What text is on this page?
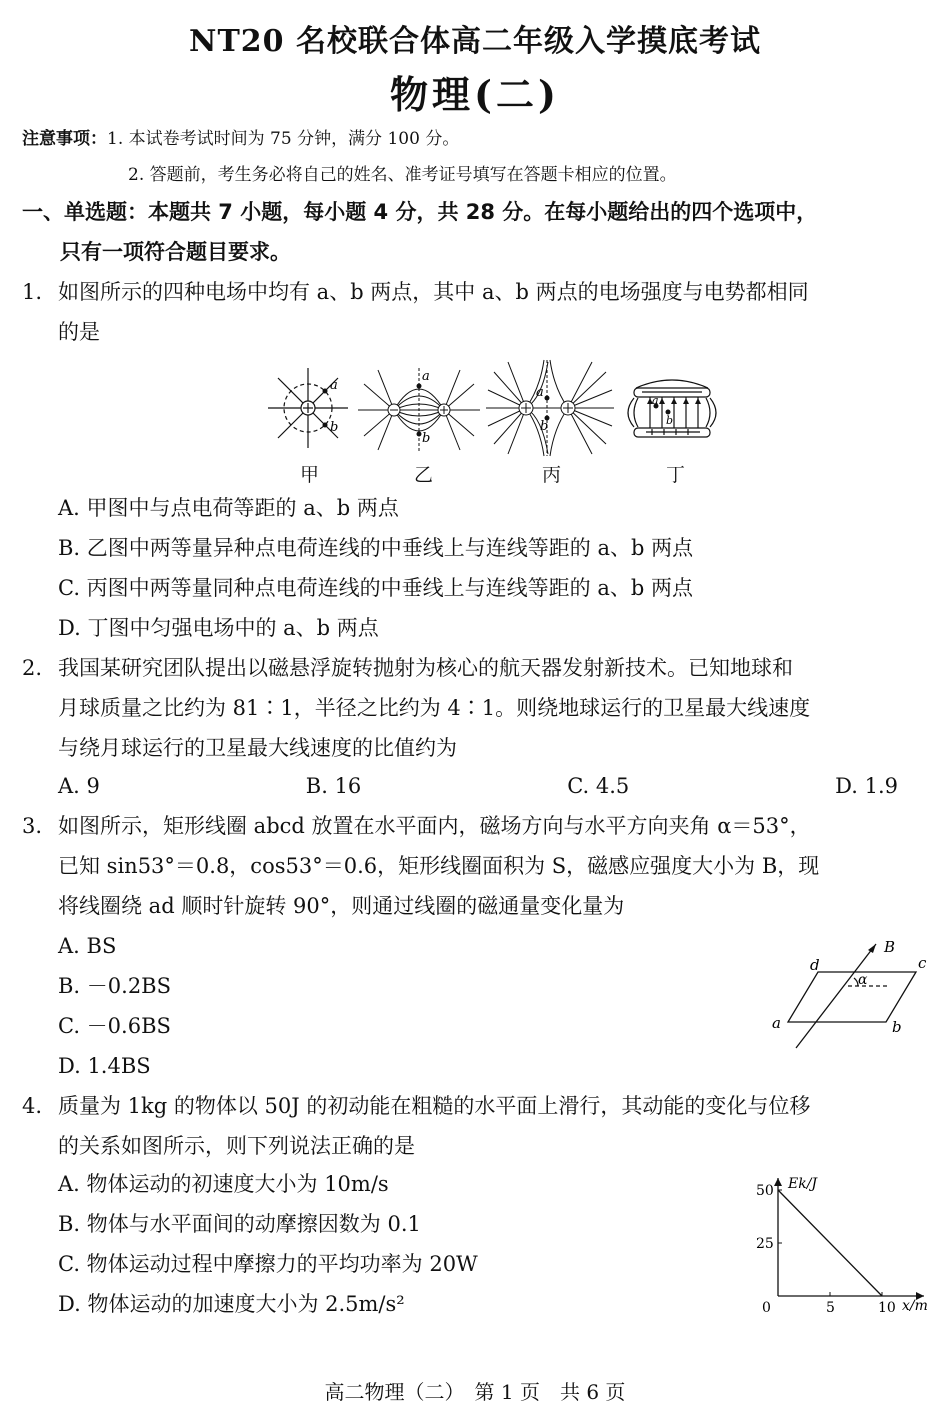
NT20 名校联合体高二年级入学摸底考试
物理(二)
注意事项：1. 本试卷考试时间为 75 分钟，满分 100 分。
2. 答题前，考生务必将自己的姓名、准考证号填写在答题卡相应的位置。
一、单选题：本题共 7 小题，每小题 4 分，共 28 分。在每小题给出的四个选项中，
只有一项符合题目要求。
1. 如图所示的四种电场中均有 a、b 两点，其中 a、b 两点的电场强度与电势都相同
的是
a
b
a
b
a
b
a
b
甲	乙	丙	丁
A. 甲图中与点电荷等距的 a、b 两点
B. 乙图中两等量异种点电荷连线的中垂线上与连线等距的 a、b 两点
C. 丙图中两等量同种点电荷连线的中垂线上与连线等距的 a、b 两点
D. 丁图中匀强电场中的 a、b 两点
2. 我国某研究团队提出以磁悬浮旋转抛射为核心的航天器发射新技术。已知地球和
月球质量之比约为 81∶1，半径之比约为 4∶1。则绕地球运行的卫星最大线速度
与绕月球运行的卫星最大线速度的比值约为
A. 9	B. 16	C. 4.5	D. 1.9
3. 如图所示，矩形线圈 abcd 放置在水平面内，磁场方向与水平方向夹角 α＝53°，
已知 sin53°＝0.8，cos53°＝0.6，矩形线圈面积为 S，磁感应强度大小为 B，现
将线圈绕 ad 顺时针旋转 90°，则通过线圈的磁通量变化量为
A. BS
B. －0.2BS
C. －0.6BS
D. 1.4BS
B
α
d	c
a	b
4. 质量为 1kg 的物体以 50J 的初动能在粗糙的水平面上滑行，其动能的变化与位移
的关系如图所示，则下列说法正确的是
A. 物体运动的初速度大小为 10m/s
B. 物体与水平面间的动摩擦因数为 0.1
C. 物体运动过程中摩擦力的平均功率为 20W
D. 物体运动的加速度大小为 2.5m/s²	0	5	10
50
25
Ek/J
x/m
高二物理（二）　第 1 页　共 6 页
